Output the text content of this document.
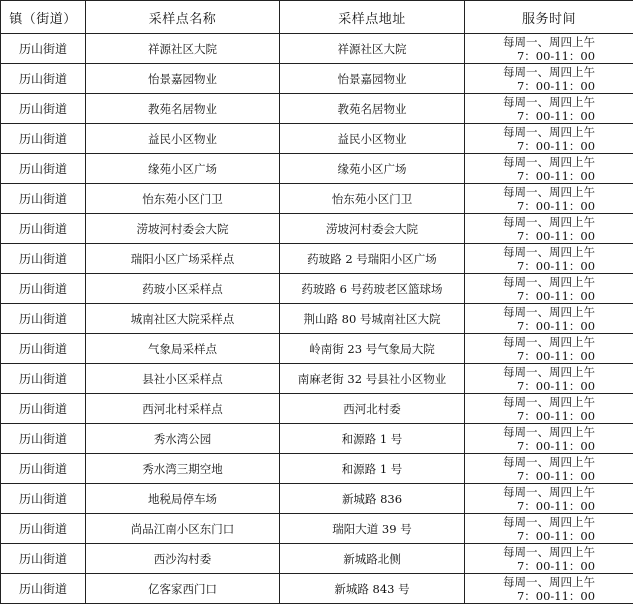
镇（街道）	采样点名称	采样点地址	服务时间
历山街道	祥源社区大院	祥源社区大院	每周一、周四上午
7：00-11：00

历山街道	怡景嘉园物业	怡景嘉园物业	每周一、周四上午
7：00-11：00

历山街道	教苑名居物业	教苑名居物业	每周一、周四上午
7：00-11：00

历山街道	益民小区物业	益民小区物业	每周一、周四上午
7：00-11：00

历山街道	缘苑小区广场	缘苑小区广场	每周一、周四上午
7：00-11：00

历山街道	怡东苑小区门卫	怡东苑小区门卫	每周一、周四上午
7：00-11：00

历山街道	涝坡河村委会大院	涝坡河村委会大院	每周一、周四上午
7：00-11：00

历山街道	瑞阳小区广场采样点	药玻路 2 号瑞阳小区广场	每周一、周四上午
7：00-11：00

历山街道	药玻小区采样点	药玻路 6 号药玻老区篮球场	每周一、周四上午
7：00-11：00

历山街道	城南社区大院采样点	荆山路 80 号城南社区大院	每周一、周四上午
7：00-11：00

历山街道	气象局采样点	岭南街 23 号气象局大院	每周一、周四上午
7：00-11：00

历山街道	县社小区采样点	南麻老街 32 号县社小区物业	每周一、周四上午
7：00-11：00

历山街道	西河北村采样点	西河北村委	每周一、周四上午
7：00-11：00

历山街道	秀水湾公园	和源路 1 号	每周一、周四上午
7：00-11：00

历山街道	秀水湾三期空地	和源路 1 号	每周一、周四上午
7：00-11：00

历山街道	地税局停车场	新城路 836	每周一、周四上午
7：00-11：00

历山街道	尚品江南小区东门口	瑞阳大道 39 号	每周一、周四上午
7：00-11：00

历山街道	西沙沟村委	新城路北侧	每周一、周四上午
7：00-11：00

历山街道	亿客家西门口	新城路 843 号	每周一、周四上午
7：00-11：00
